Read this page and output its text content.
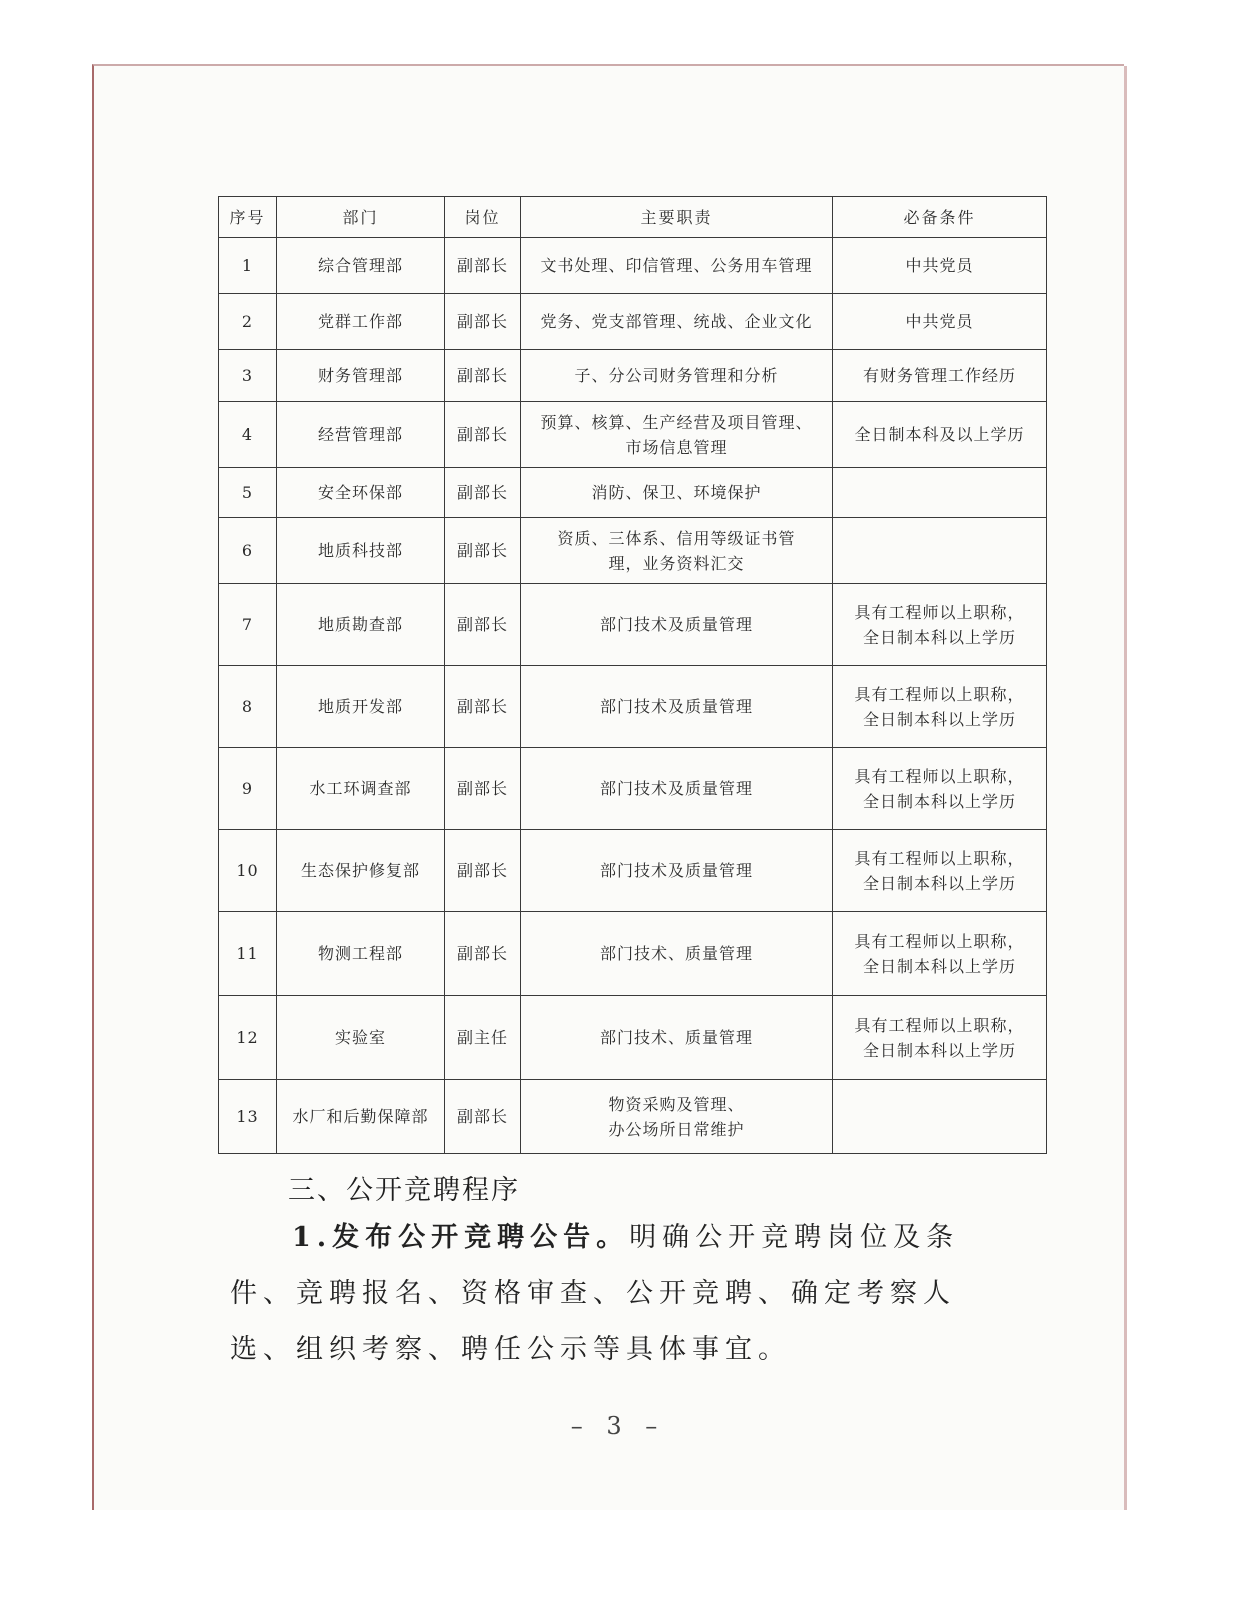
序号	部门	岗位	主要职责	必备条件
1	综合管理部	副部长	文书处理、印信管理、公务用车管理	中共党员

2	党群工作部	副部长	党务、党支部管理、统战、企业文化	中共党员

3	财务管理部	副部长	子、分公司财务管理和分析	有财务管理工作经历

4	经营管理部	副部长	预算、核算、生产经营及项目管理、
市场信息管理	全日制本科及以上学历

5	安全环保部	副部长	消防、保卫、环境保护	

6	地质科技部	副部长	资质、三体系、信用等级证书管
理，业务资料汇交	

7	地质勘查部	副部长	部门技术及质量管理	具有工程师以上职称，
全日制本科以上学历

8	地质开发部	副部长	部门技术及质量管理	具有工程师以上职称，
全日制本科以上学历

9	水工环调查部	副部长	部门技术及质量管理	具有工程师以上职称，
全日制本科以上学历

10	生态保护修复部	副部长	部门技术及质量管理	具有工程师以上职称，
全日制本科以上学历

11	物测工程部	副部长	部门技术、质量管理	具有工程师以上职称，
全日制本科以上学历

12	实验室	副主任	部门技术、质量管理	具有工程师以上职称，
全日制本科以上学历

13	水厂和后勤保障部	副部长	物资采购及管理、
办公场所日常维护	

三、公开竞聘程序
1.发布公开竞聘公告。明确公开竞聘岗位及条件、竞聘报名、资格审查、公开竞聘、确定考察人选、组织考察、聘任公示等具体事宜。
– 3 –
